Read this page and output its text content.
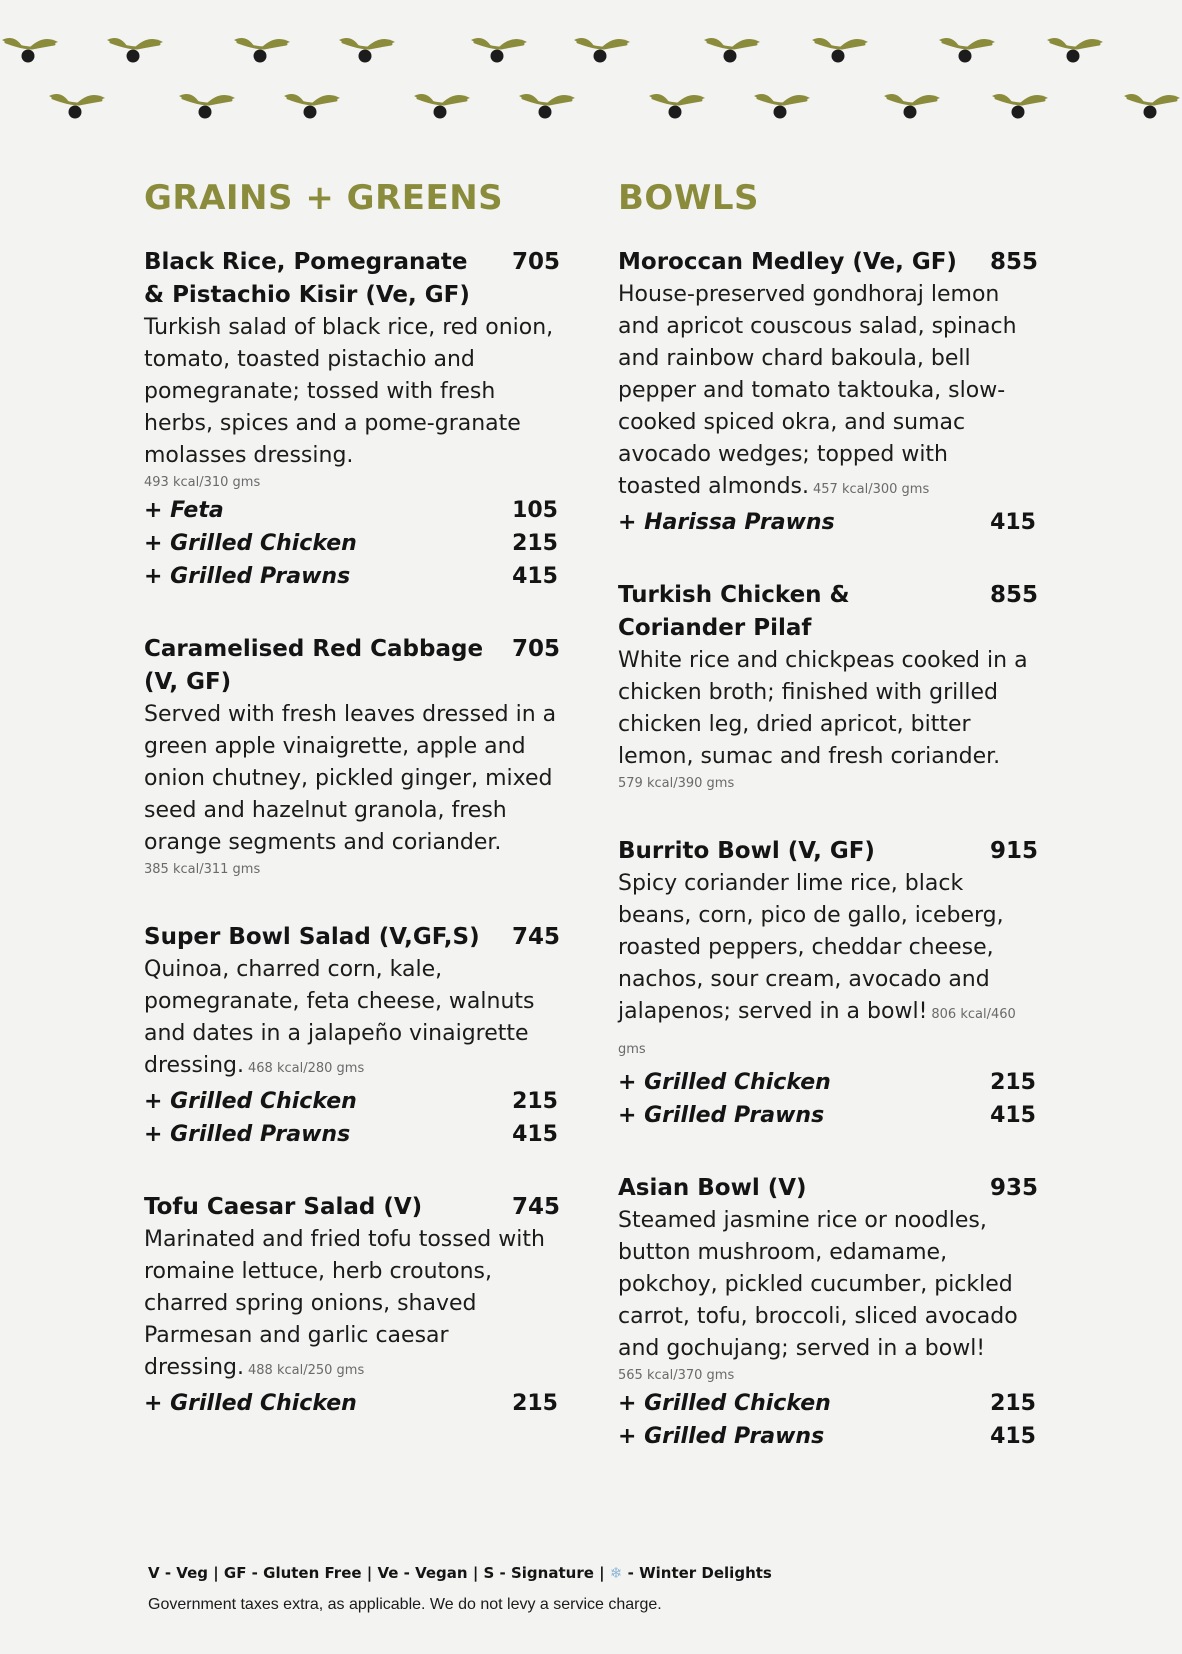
GRAINS + GREENS
Black Rice, Pomegranate & Pistachio Kisir (Ve, GF)
705
Turkish salad of black rice, red onion, tomato, toasted pistachio and pomegranate; tossed with fresh herbs, spices and a pome-granate molasses dressing.
493 kcal/310 gms
+ Feta	105
+ Grilled Chicken	215
+ Grilled Prawns	415
Caramelised Red Cabbage (V, GF)
705
Served with fresh leaves dressed in a green apple vinaigrette, apple and onion chutney, pickled ginger, mixed seed and hazelnut granola, fresh orange segments and coriander.
385 kcal/311 gms
Super Bowl Salad (V,GF,S) 745
Quinoa, charred corn, kale, pomegranate, feta cheese, walnuts and dates in a jalapeño vinaigrette dressing. 468 kcal/280 gms
+ Grilled Chicken	215
+ Grilled Prawns	415
Tofu Caesar Salad (V)	745
Marinated and fried tofu tossed with romaine lettuce, herb croutons, charred spring onions, shaved Parmesan and garlic caesar dressing. 488 kcal/250 gms
+ Grilled Chicken	215
BOWLS
Moroccan Medley (Ve, GF) 855
House-preserved gondhoraj lemon and apricot couscous salad, spinach and rainbow chard bakoula, bell pepper and tomato taktouka, slow-cooked spiced okra, and sumac avocado wedges; topped with toasted almonds. 457 kcal/300 gms
+ Harissa Prawns	415
Turkish Chicken & Coriander Pilaf
855
White rice and chickpeas cooked in a chicken broth; finished with grilled chicken leg, dried apricot, bitter lemon, sumac and fresh coriander.
579 kcal/390 gms
Burrito Bowl (V, GF)	915
Spicy coriander lime rice, black beans, corn, pico de gallo, iceberg, roasted peppers, cheddar cheese, nachos, sour cream, avocado and jalapenos; served in a bowl! 806 kcal/460 gms
+ Grilled Chicken	215
+ Grilled Prawns	415
Asian Bowl (V)	935
Steamed jasmine rice or noodles, button mushroom, edamame, pokchoy, pickled cucumber, pickled carrot, tofu, broccoli, sliced avocado and gochujang; served in a bowl!
565 kcal/370 gms
+ Grilled Chicken	215
+ Grilled Prawns	415
V - Veg | GF - Gluten Free | Ve - Vegan | S - Signature | ❄ - Winter Delights
Government taxes extra, as applicable. We do not levy a service charge.
